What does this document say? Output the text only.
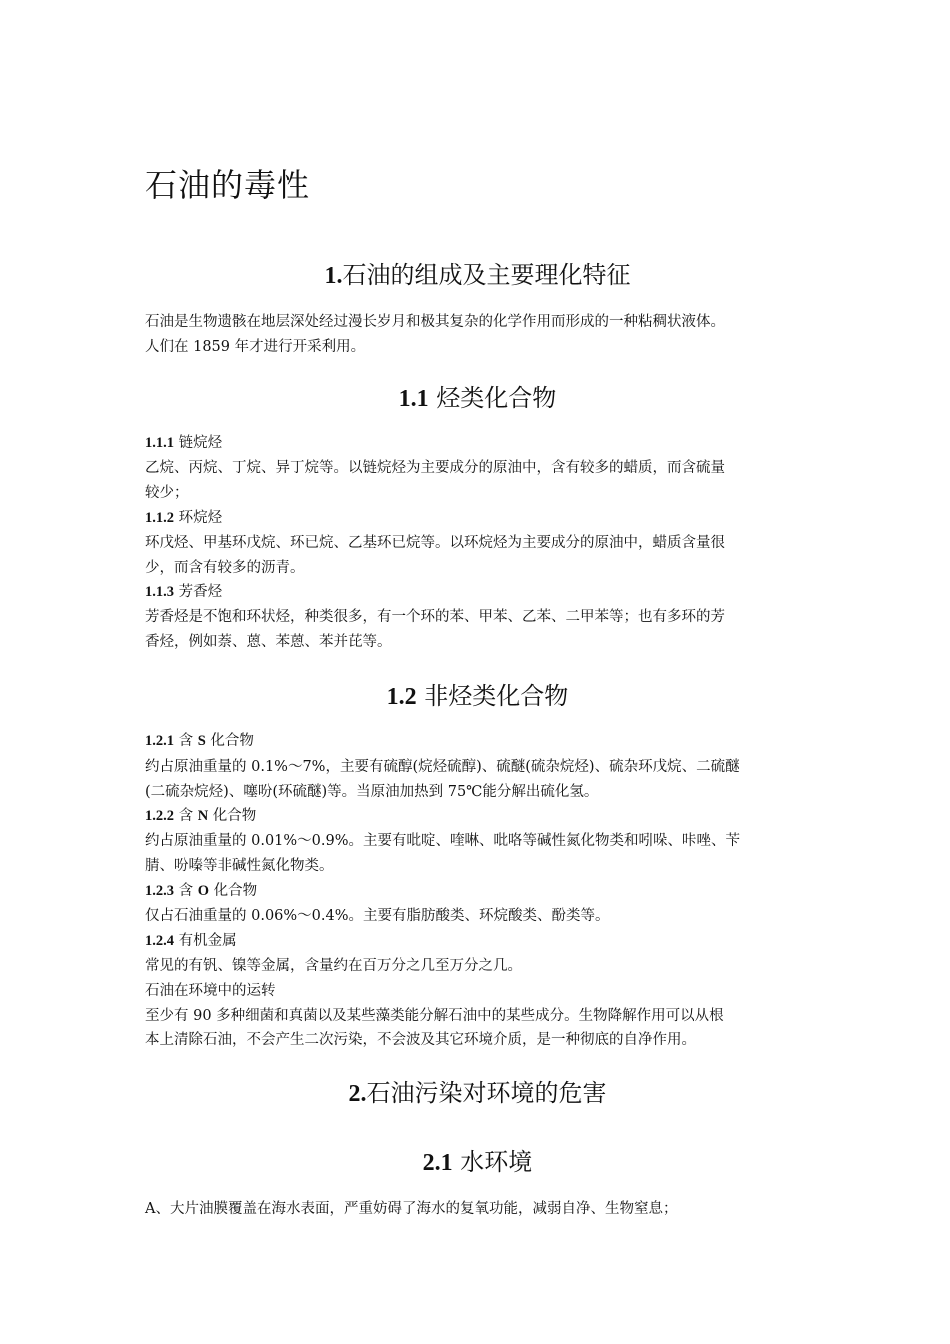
石油的毒性
1.石油的组成及主要理化特征
石油是生物遗骸在地层深处经过漫长岁月和极其复杂的化学作用而形成的一种粘稠状液体。
人们在 1859 年才进行开采利用。
1.1 烃类化合物
1.1.1 链烷烃
乙烷、丙烷、丁烷、异丁烷等。以链烷烃为主要成分的原油中，含有较多的蜡质，而含硫量
较少；
1.1.2 环烷烃
环戊烃、甲基环戊烷、环已烷、乙基环已烷等。以环烷烃为主要成分的原油中，蜡质含量很
少，而含有较多的沥青。
1.1.3 芳香烃
芳香烃是不饱和环状烃，种类很多，有一个环的苯、甲苯、乙苯、二甲苯等；也有多环的芳
香烃，例如萘、蒽、苯蒽、苯并芘等。
1.2 非烃类化合物
1.2.1 含 S 化合物
约占原油重量的 0.1%～7%，主要有硫醇(烷烃硫醇)、硫醚(硫杂烷烃)、硫杂环戊烷、二硫醚
(二硫杂烷烃)、噻吩(环硫醚)等。当原油加热到 75℃能分解出硫化氢。
1.2.2 含 N 化合物
约占原油重量的 0.01%～0.9%。主要有吡啶、喹啉、吡咯等碱性氮化物类和吲哚、咔唑、苄
腈、吩嗪等非碱性氮化物类。
1.2.3 含 O 化合物
仅占石油重量的 0.06%～0.4%。主要有脂肪酸类、环烷酸类、酚类等。
1.2.4 有机金属
常见的有钒、镍等金属，含量约在百万分之几至万分之几。
石油在环境中的运转
至少有 90 多种细菌和真菌以及某些藻类能分解石油中的某些成分。生物降解作用可以从根
本上清除石油，不会产生二次污染，不会波及其它环境介质，是一种彻底的自净作用。
2.石油污染对环境的危害
2.1 水环境
A、大片油膜覆盖在海水表面，严重妨碍了海水的复氧功能，减弱自净、生物窒息；
